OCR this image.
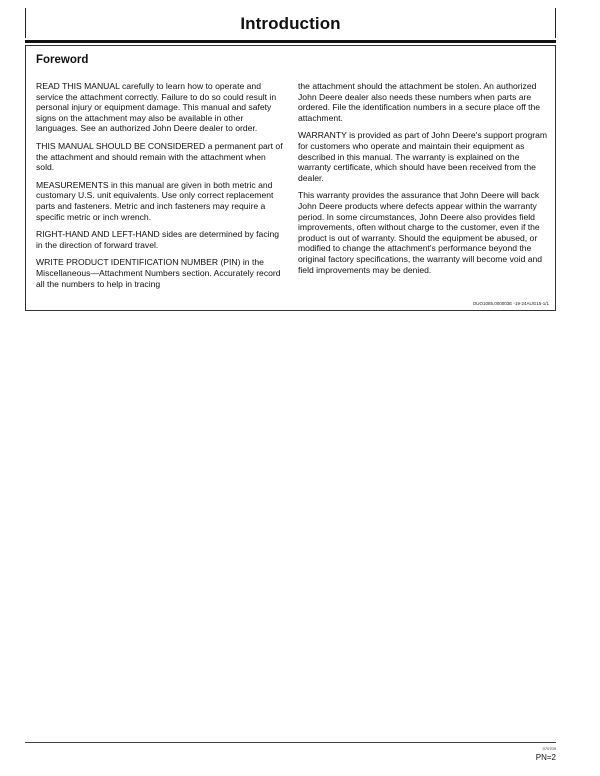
Introduction
Foreword

READ THIS MANUAL carefully to learn how to operate and service the attachment correctly. Failure to do so could result in personal injury or equipment damage. This manual and safety signs on the attachment may also be available in other languages. See an authorized John Deere dealer to order.

THIS MANUAL SHOULD BE CONSIDERED a permanent part of the attachment and should remain with the attachment when sold.

MEASUREMENTS in this manual are given in both metric and customary U.S. unit equivalents. Use only correct replacement parts and fasteners. Metric and inch fasteners may require a specific metric or inch wrench.

RIGHT-HAND AND LEFT-HAND sides are determined by facing in the direction of forward travel.

WRITE PRODUCT IDENTIFICATION NUMBER (PIN) in the Miscellaneous—Attachment Numbers section. Accurately record all the numbers to help in tracing

the attachment should the attachment be stolen. An authorized John Deere dealer also needs these numbers when parts are ordered. File the identification numbers in a secure place off the attachment.

WARRANTY is provided as part of John Deere's support program for customers who operate and maintain their equipment as described in this manual. The warranty is explained on the warranty certificate, which should have been received from the dealer.

This warranty provides the assurance that John Deere will back John Deere products where defects appear within the warranty period. In some circumstances, John Deere also provides field improvements, often without charge to the customer, even if the product is out of warranty. Should the equipment be abused, or modified to change the attachment's performance beyond the original factory specifications, the warranty will become void and field improvements may be denied.

OUO1085,000003E -19-24AUG15-1/1
070709
PN=2
